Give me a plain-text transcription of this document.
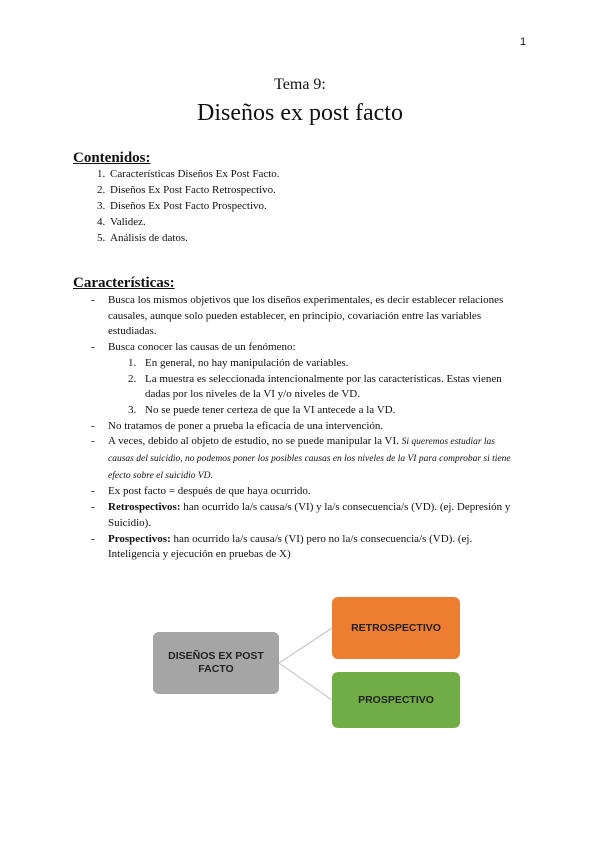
1
Tema 9:
Diseños ex post facto
Contenidos:
1. Características Diseños Ex Post Facto.
2. Diseños Ex Post Facto Retrospectivo.
3. Diseños Ex Post Facto Prospectivo.
4. Validez.
5. Análisis de datos.
Características:
- Busca los mismos objetivos que los diseños experimentales, es decir establecer relaciones causales, aunque solo pueden establecer, en principio, covariación entre las variables estudiadas.
- Busca conocer las causas de un fenómeno:
1. En general, no hay manipulación de variables.
2. La muestra es seleccionada intencionalmente por las características. Estas vienen dadas por los niveles de la VI y/o niveles de VD.
3. No se puede tener certeza de que la VI antecede a la VD.
- No tratamos de poner a prueba la eficacia de una intervención.
- A veces, debido al objeto de estudio, no se puede manipular la VI. Si queremos estudiar las causas del suicidio, no podemos poner los posibles causas en los niveles de la VI para comprobar si tiene efecto sobre el suicidio VD.
- Ex post facto = después de que haya ocurrido.
- Retrospectivos: han ocurrido la/s causa/s (VI) y la/s consecuencia/s (VD). (ej. Depresión y Suicidio).
- Prospectivos: han ocurrido la/s causa/s (VI) pero no la/s consecuencia/s (VD). (ej. Inteligencia y ejecución en pruebas de X)
DISEÑOS EX POST FACTO
RETROSPECTIVO
PROSPECTIVO
